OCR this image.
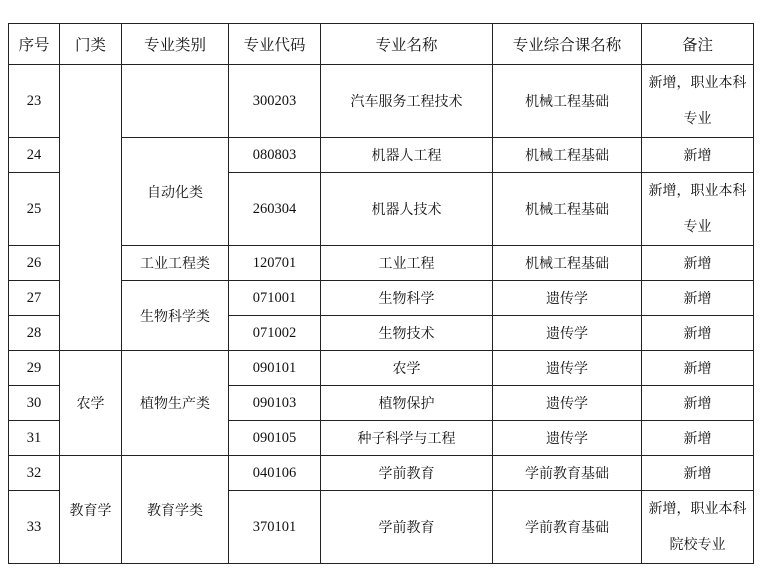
序号	门类	专业类别	专业代码	专业名称	专业综合课名称	备注
23			300203	汽车服务工程技术	机械工程基础	新增，职业本科专业
24		自动化类	080803	机器人工程	机械工程基础	新增
25			260304	机器人技术	机械工程基础	新增，职业本科专业
26		工业工程类	120701	工业工程	机械工程基础	新增
27		生物科学类	071001	生物科学	遗传学	新增
28			071002	生物技术	遗传学	新增
29	农学	植物生产类	090101	农学	遗传学	新增
30			090103	植物保护	遗传学	新增
31			090105	种子科学与工程	遗传学	新增
32	教育学	教育学类	040106	学前教育	学前教育基础	新增
33			370101	学前教育	学前教育基础	新增，职业本科院校专业
